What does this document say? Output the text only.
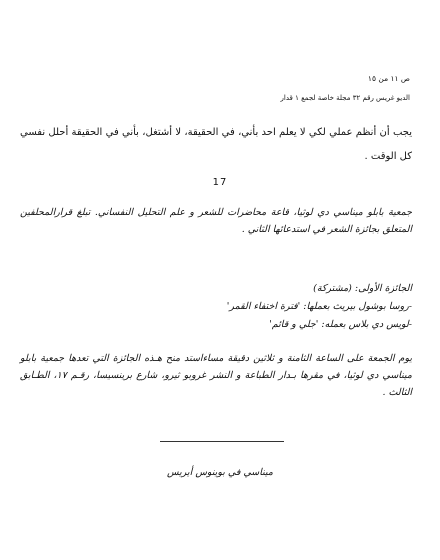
ص ١١ من ١٥
الديو غريس رقم ٣٢ مجلة خاصة لجمع ١ قدار

يجب أن أنظم عملي لكي لا يعلم احد بأني، في الحقيقة، لا أشتغل، بأني في الحقيقة أحلل نفسي كل الوقت .

17

جمعية بابلو ميناسي دي لوثيا، قاعة محاضرات للشعر و علم التحليل النفساني. تبلغ قرارالمحلفين المتعلق بجائزة الشعر في استدعائها الثاني .

الجائزة الأولى: (مشتركة)
-روسا بوشول بيريث بعملها: 'فترة اختفاء القمر'
-لويس دي بلاس بعمله: 'جلي و قائم'

يوم الجمعة على الساعة الثامنة و ثلاثين دقيقة مساءاستد منح هـذه الجائزة التي تعدها جمعية بابلو ميناسي دي لوثيا، في مقرها بـدار الطباعة و النشر غروبو ثيرو، شارع برينسيسا، رقـم ١٧، الطـابق الثالث .

ميناسي في بوينوس أيريس
